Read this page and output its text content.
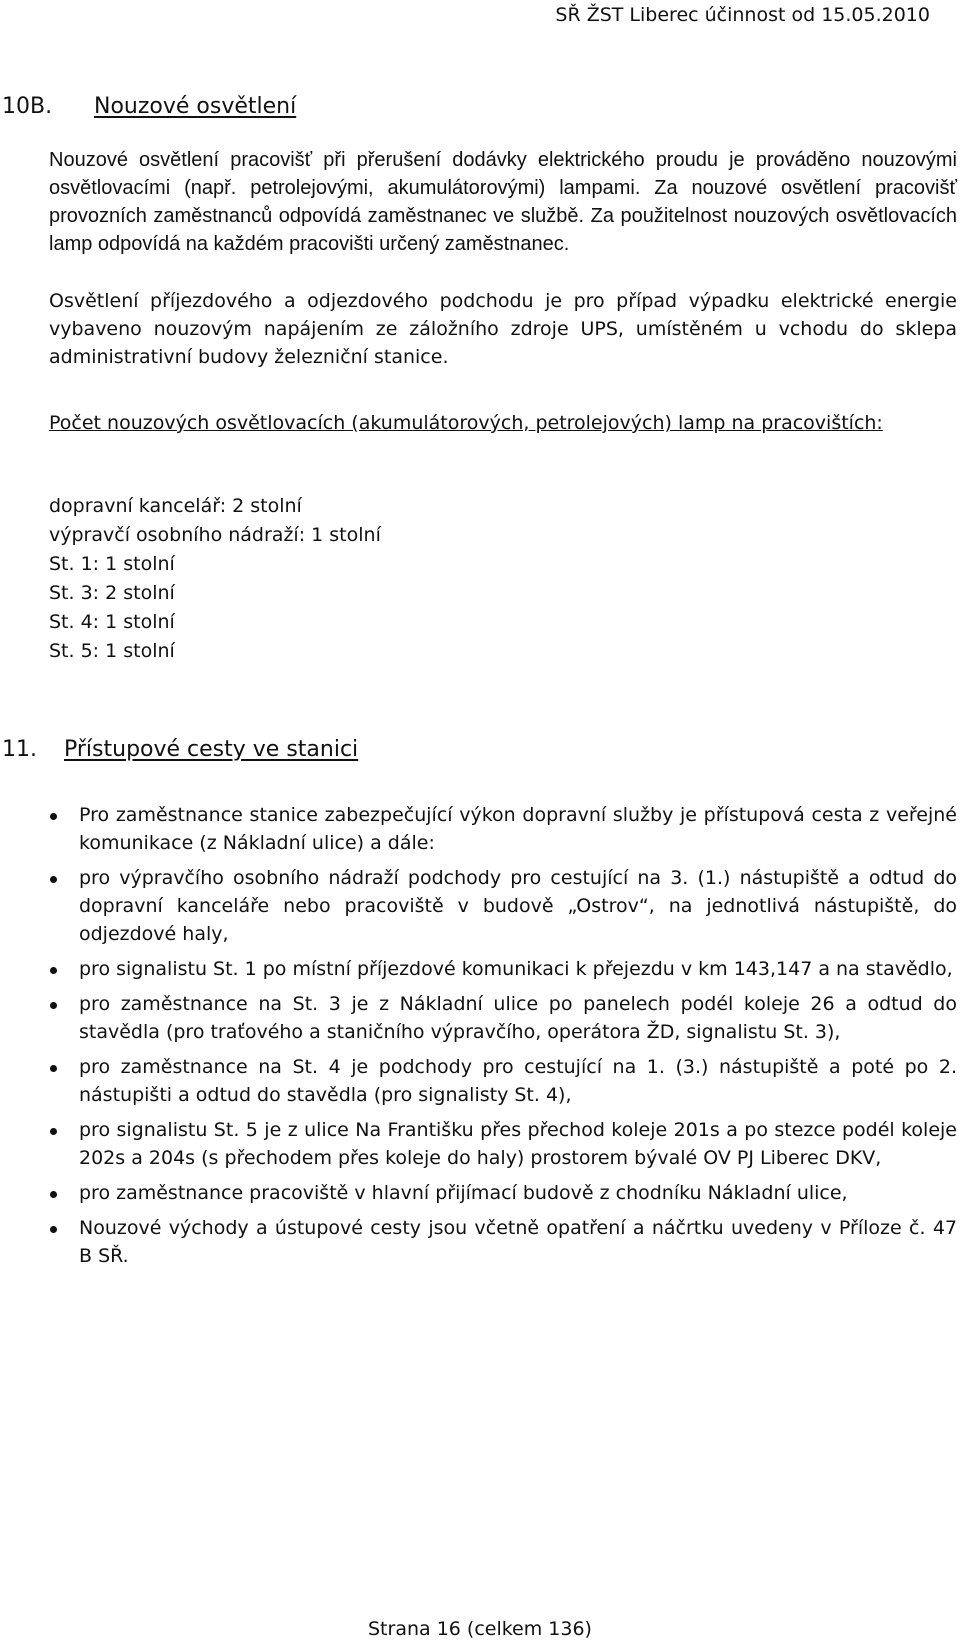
SŘ ŽST Liberec účinnost od 15.05.2010
10B. Nouzové osvětlení
Nouzové osvětlení pracovišť při přerušení dodávky elektrického proudu je prováděno nouzovými osvětlovacími (např. petrolejovými, akumulátorovými) lampami. Za nouzové osvětlení pracovišť provozních zaměstnanců odpovídá zaměstnanec ve službě. Za použitelnost nouzových osvětlovacích lamp odpovídá na každém pracovišti určený zaměstnanec.
Osvětlení příjezdového a odjezdového podchodu je pro případ výpadku elektrické energie vybaveno nouzovým napájením ze záložního zdroje UPS, umístěném u vchodu do sklepa administrativní budovy železniční stanice.
Počet nouzových osvětlovacích (akumulátorových, petrolejových) lamp na pracovištích:
dopravní kancelář: 2 stolní
výpravčí osobního nádraží: 1 stolní
St. 1: 1 stolní
St. 3: 2 stolní
St. 4: 1 stolní
St. 5: 1 stolní
11. Přístupové cesty ve stanici
Pro zaměstnance stanice zabezpečující výkon dopravní služby je přístupová cesta z veřejné komunikace (z Nákladní ulice) a dále:
pro výpravčího osobního nádraží podchody pro cestující na 3. (1.) nástupiště a odtud do dopravní kanceláře nebo pracoviště v budově „Ostrov“, na jednotlivá nástupiště, do odjezdové haly,
pro signalistu St. 1 po místní příjezdové komunikaci k přejezdu v km 143,147 a na stavědlo,
pro zaměstnance na St. 3 je z Nákladní ulice po panelech podél koleje 26 a odtud do stavědla (pro traťového a staničního výpravčího, operátora ŽD, signalistu St. 3),
pro zaměstnance na St. 4 je podchody pro cestující na 1. (3.) nástupiště a poté po 2. nástupišti a odtud do stavědla (pro signalisty St. 4),
pro signalistu St. 5 je z ulice Na Františku přes přechod koleje 201s a po stezce podél koleje 202s a 204s (s přechodem přes koleje do haly) prostorem bývalé OV PJ Liberec DKV,
pro zaměstnance pracoviště v hlavní přijímací budově z chodníku Nákladní ulice,
Nouzové východy a ústupové cesty jsou včetně opatření a náčrtku uvedeny v Příloze č. 47 B SŘ.
Strana 16 (celkem 136)
